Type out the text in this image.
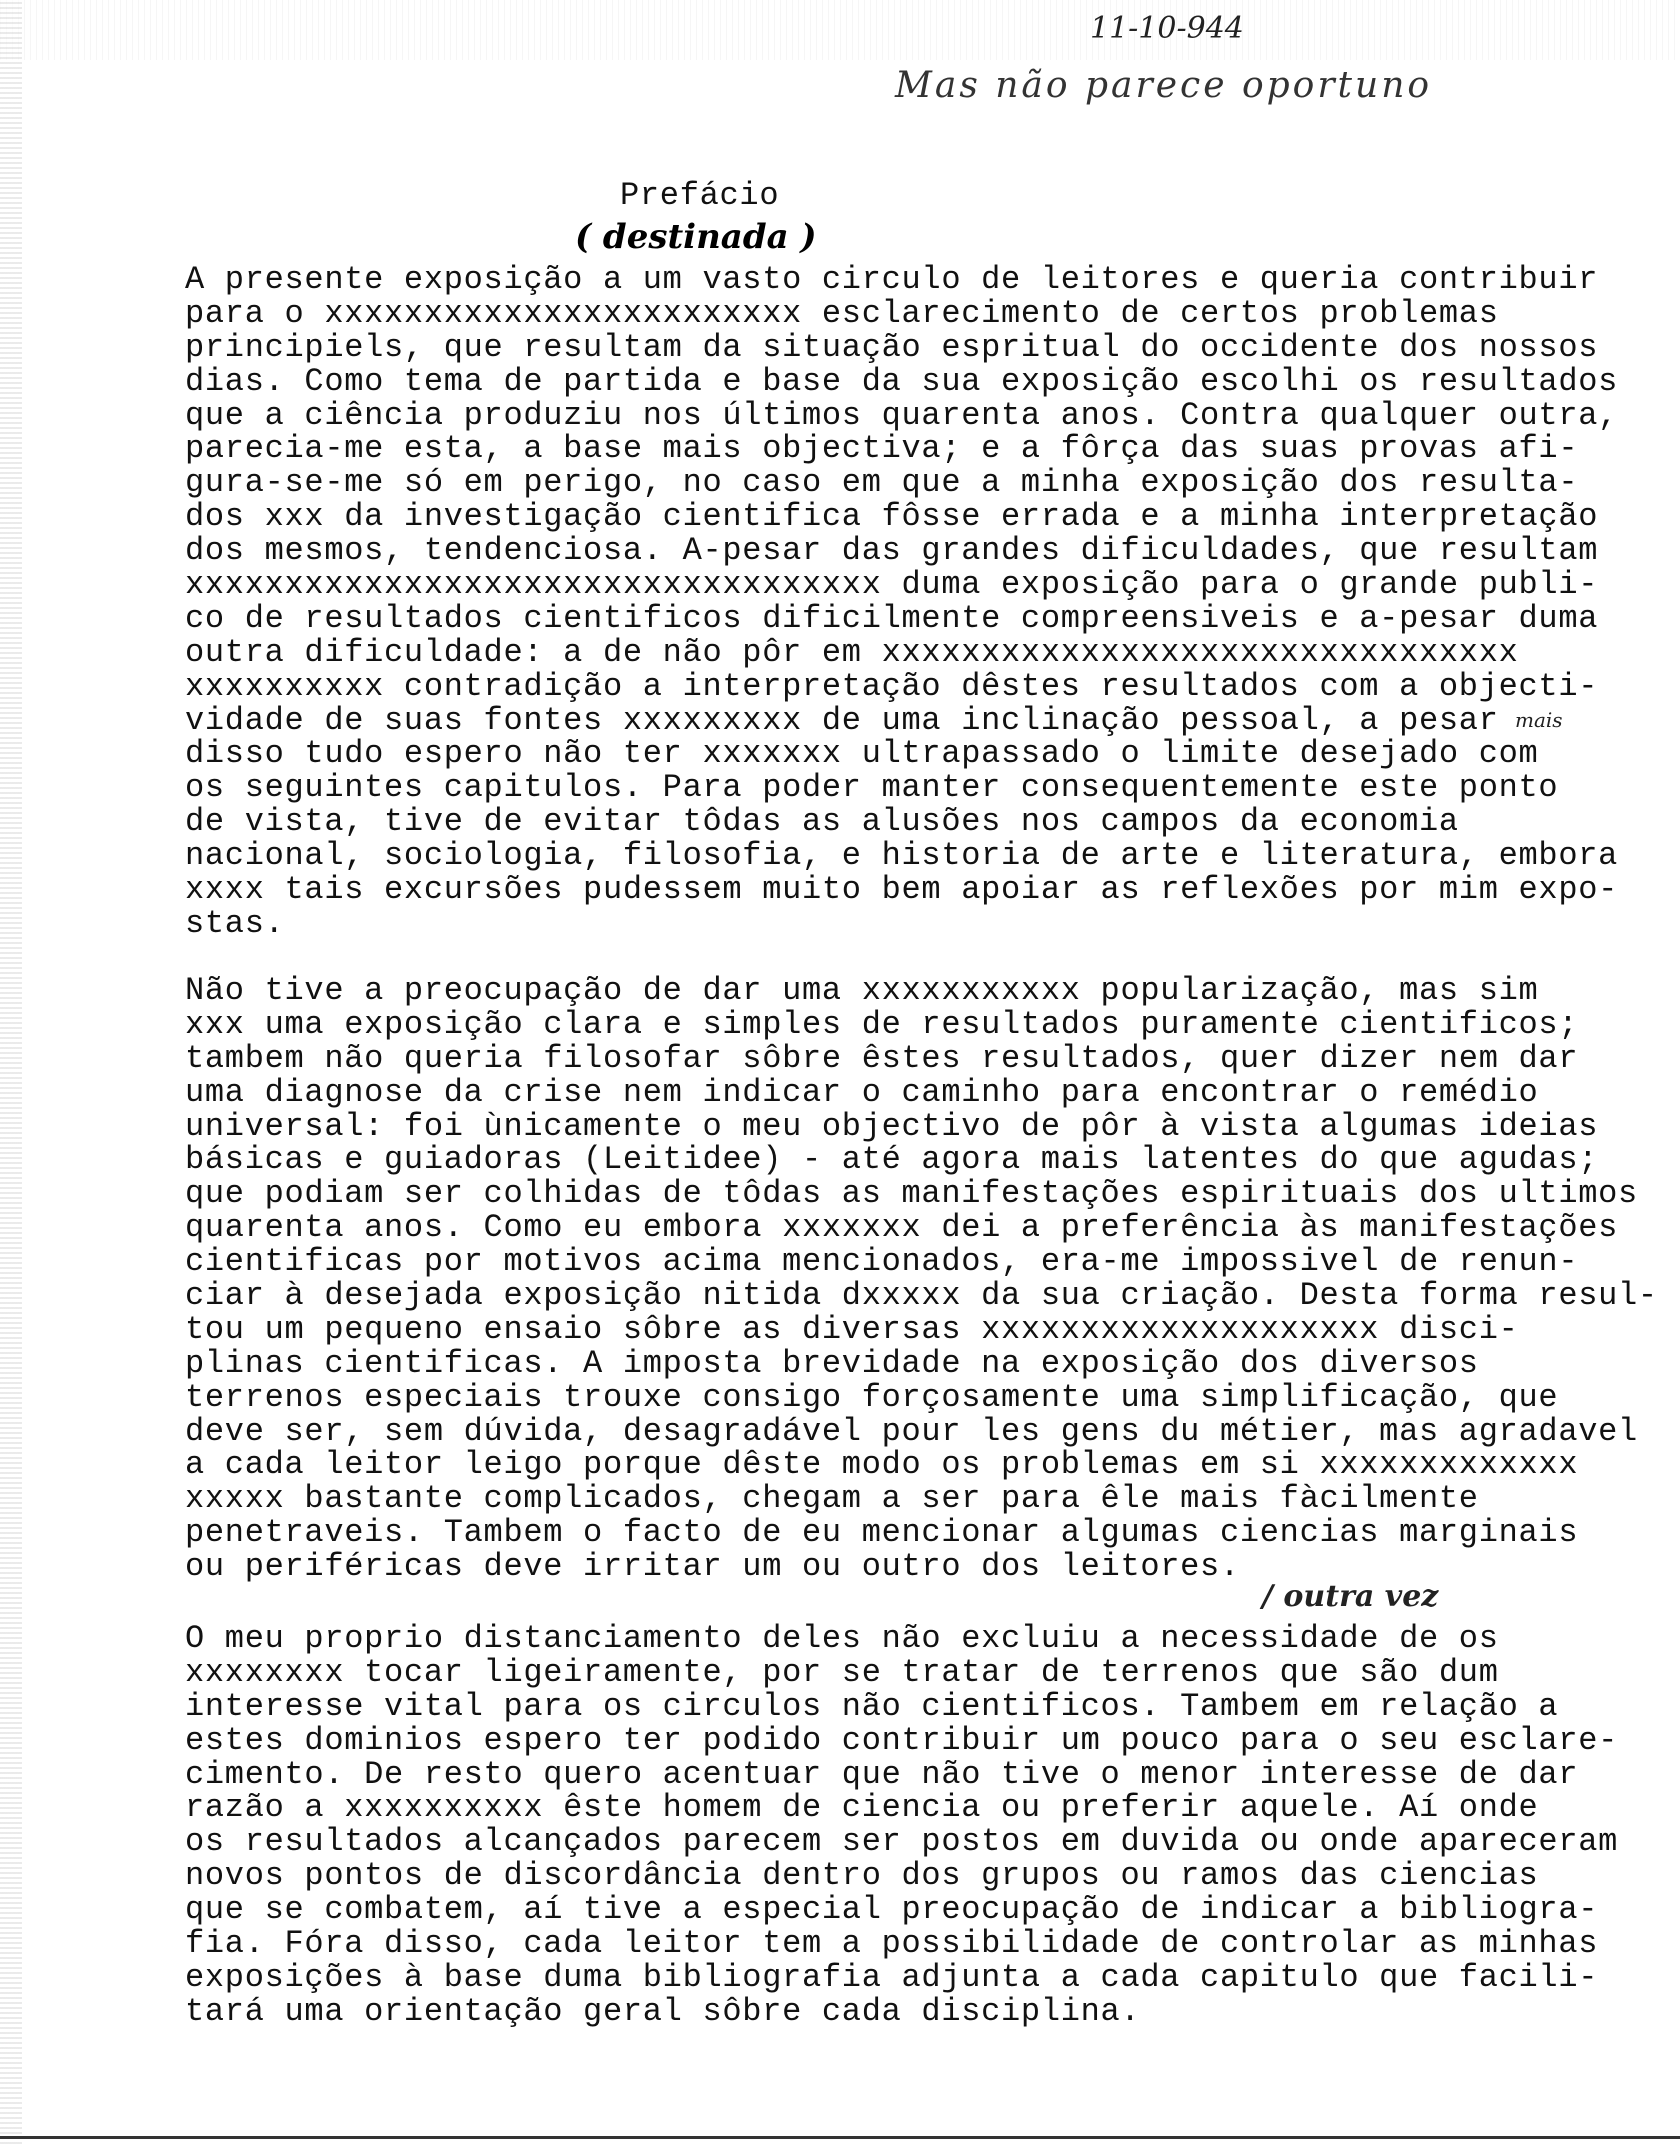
11-10-944
Mas não parece oportuno
Prefácio
( destinada )
mais
/ outra vez
A presente exposição a um vasto circulo de leitores e queria contribuir
para o xxxxxxxxxxxxxxxxxxxxxxxx esclarecimento de certos problemas
principiels, que resultam da situação espritual do occidente dos nossos
dias. Como tema de partida e base da sua exposição escolhi os resultados
que a ciência produziu nos últimos quarenta anos. Contra qualquer outra,
parecia-me esta, a base mais objectiva; e a fôrça das suas provas afi-
gura-se-me só em perigo, no caso em que a minha exposição dos resulta-
dos xxx da investigação cientifica fôsse errada e a minha interpretação
dos mesmos, tendenciosa. A-pesar das grandes dificuldades, que resultam
xxxxxxxxxxxxxxxxxxxxxxxxxxxxxxxxxxx duma exposição para o grande publi-
co de resultados cientificos dificilmente compreensiveis e a-pesar duma
outra dificuldade: a de não pôr em xxxxxxxxxxxxxxxxxxxxxxxxxxxxxxxx
xxxxxxxxxx contradição a interpretação dêstes resultados com a objecti-
vidade de suas fontes xxxxxxxxx de uma inclinação pessoal, a pesar
disso tudo espero não ter xxxxxxx ultrapassado o limite desejado com
os seguintes capitulos. Para poder manter consequentemente este ponto
de vista, tive de evitar tôdas as alusões nos campos da economia
nacional, sociologia, filosofia, e historia de arte e literatura, embora
xxxx tais excursões pudessem muito bem apoiar as reflexões por mim expo-
stas.
Não tive a preocupação de dar uma xxxxxxxxxxx popularização, mas sim
xxx uma exposição clara e simples de resultados puramente cientificos;
tambem não queria filosofar sôbre êstes resultados, quer dizer nem dar
uma diagnose da crise nem indicar o caminho para encontrar o remédio
universal: foi ùnicamente o meu objectivo de pôr à vista algumas ideias
básicas e guiadoras (Leitidee) - até agora mais latentes do que agudas;
que podiam ser colhidas de tôdas as manifestações espirituais dos ultimos
quarenta anos. Como eu embora xxxxxxx dei a preferência às manifestações
cientificas por motivos acima mencionados, era-me impossivel de renun-
ciar à desejada exposição nitida dxxxxx da sua criação. Desta forma resul-
tou um pequeno ensaio sôbre as diversas xxxxxxxxxxxxxxxxxxxx disci-
plinas cientificas. A imposta brevidade na exposição dos diversos
terrenos especiais trouxe consigo forçosamente uma simplificação, que
deve ser, sem dúvida, desagradável pour les gens du métier, mas agradavel
a cada leitor leigo porque dêste modo os problemas em si xxxxxxxxxxxxx
xxxxx bastante complicados, chegam a ser para êle mais fàcilmente
penetraveis. Tambem o facto de eu mencionar algumas ciencias marginais
ou periféricas deve irritar um ou outro dos leitores.
O meu proprio distanciamento deles não excluiu a necessidade de os
xxxxxxxx tocar ligeiramente, por se tratar de terrenos que são dum
interesse vital para os circulos não cientificos. Tambem em relação a
estes dominios espero ter podido contribuir um pouco para o seu esclare-
cimento. De resto quero acentuar que não tive o menor interesse de dar
razão a xxxxxxxxxx êste homem de ciencia ou preferir aquele. Aí onde
os resultados alcançados parecem ser postos em duvida ou onde apareceram
novos pontos de discordância dentro dos grupos ou ramos das ciencias
que se combatem, aí tive a especial preocupação de indicar a bibliogra-
fia. Fóra disso, cada leitor tem a possibilidade de controlar as minhas
exposições à base duma bibliografia adjunta a cada capitulo que facili-
tará uma orientação geral sôbre cada disciplina.
